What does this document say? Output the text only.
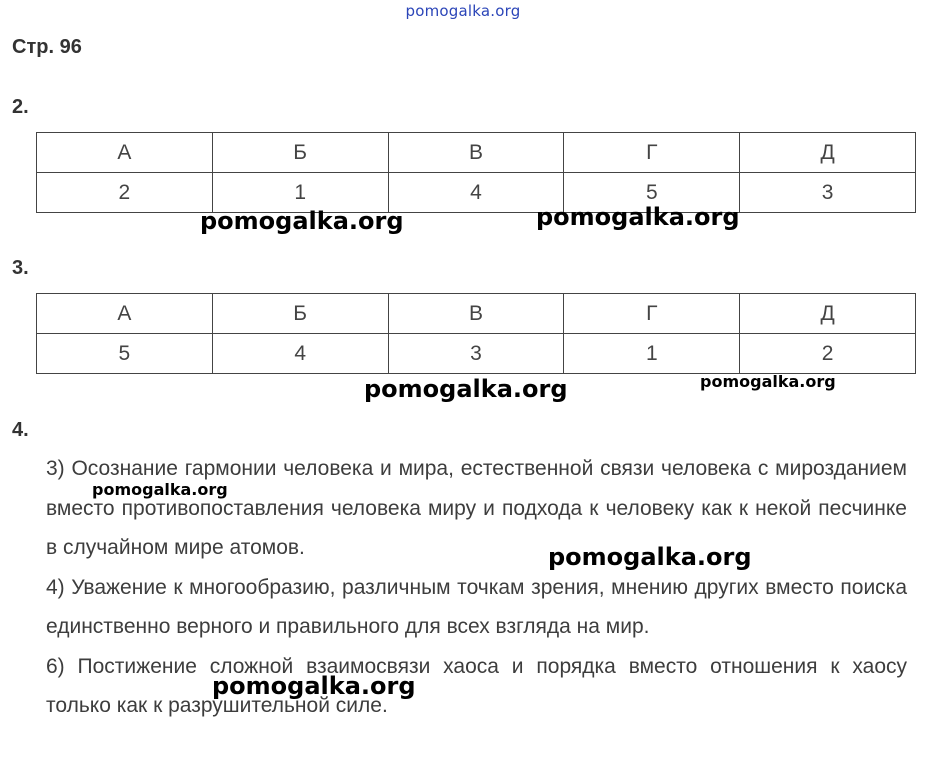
pomogalka.org
Стр. 96
2.
А	Б	В	Г	Д
2	1	4	5	3
pomogalka.org	pomogalka.org
3.
А	Б	В	Г	Д
5	4	3	1	2
pomogalka.org	pomogalka.org
4.

3) Осознание гармонии человека и мира, естественной связи человека с мирозданием вместо противопоставления человека миру и подхода к человеку как к некой песчинке в случайном мире атомов.

4) Уважение к многообразию, различным точкам зрения, мнению других вместо поиска единственно верного и правильного для всех взгляда на мир.

6) Постижение сложной взаимосвязи хаоса и порядка вместо отношения к хаосу только как к разрушительной силе.

pomogalka.org
pomogalka.org
pomogalka.org
